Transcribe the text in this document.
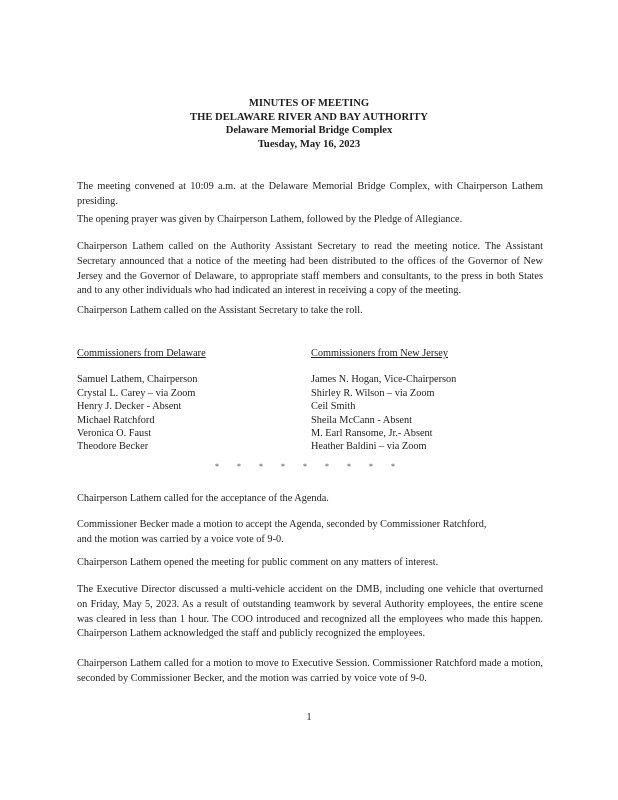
MINUTES OF MEETING
THE DELAWARE RIVER AND BAY AUTHORITY
Delaware Memorial Bridge Complex
Tuesday, May 16, 2023
The meeting convened at 10:09 a.m. at the Delaware Memorial Bridge Complex, with Chairperson Lathem presiding.
The opening prayer was given by Chairperson Lathem, followed by the Pledge of Allegiance.
Chairperson Lathem called on the Authority Assistant Secretary to read the meeting notice. The Assistant Secretary announced that a notice of the meeting had been distributed to the offices of the Governor of New Jersey and the Governor of Delaware, to appropriate staff members and consultants, to the press in both States and to any other individuals who had indicated an interest in receiving a copy of the meeting.
Chairperson Lathem called on the Assistant Secretary to take the roll.
Commissioners from Delaware
Samuel Lathem, Chairperson
Crystal L. Carey – via Zoom
Henry J. Decker - Absent
Michael Ratchford
Veronica O. Faust
Theodore Becker
Commissioners from New Jersey
James N. Hogan, Vice-Chairperson
Shirley R. Wilson – via Zoom
Ceil Smith
Sheila McCann - Absent
M. Earl Ransome, Jr.- Absent
Heather Baldini – via Zoom
* * * * * * * * *
Chairperson Lathem called for the acceptance of the Agenda.
Commissioner Becker made a motion to accept the Agenda, seconded by Commissioner Ratchford, and the motion was carried by a voice vote of 9-0.
Chairperson Lathem opened the meeting for public comment on any matters of interest.
The Executive Director discussed a multi-vehicle accident on the DMB, including one vehicle that overturned on Friday, May 5, 2023. As a result of outstanding teamwork by several Authority employees, the entire scene was cleared in less than 1 hour. The COO introduced and recognized all the employees who made this happen. Chairperson Lathem acknowledged the staff and publicly recognized the employees.
Chairperson Lathem called for a motion to move to Executive Session. Commissioner Ratchford made a motion, seconded by Commissioner Becker, and the motion was carried by voice vote of 9-0.
1
